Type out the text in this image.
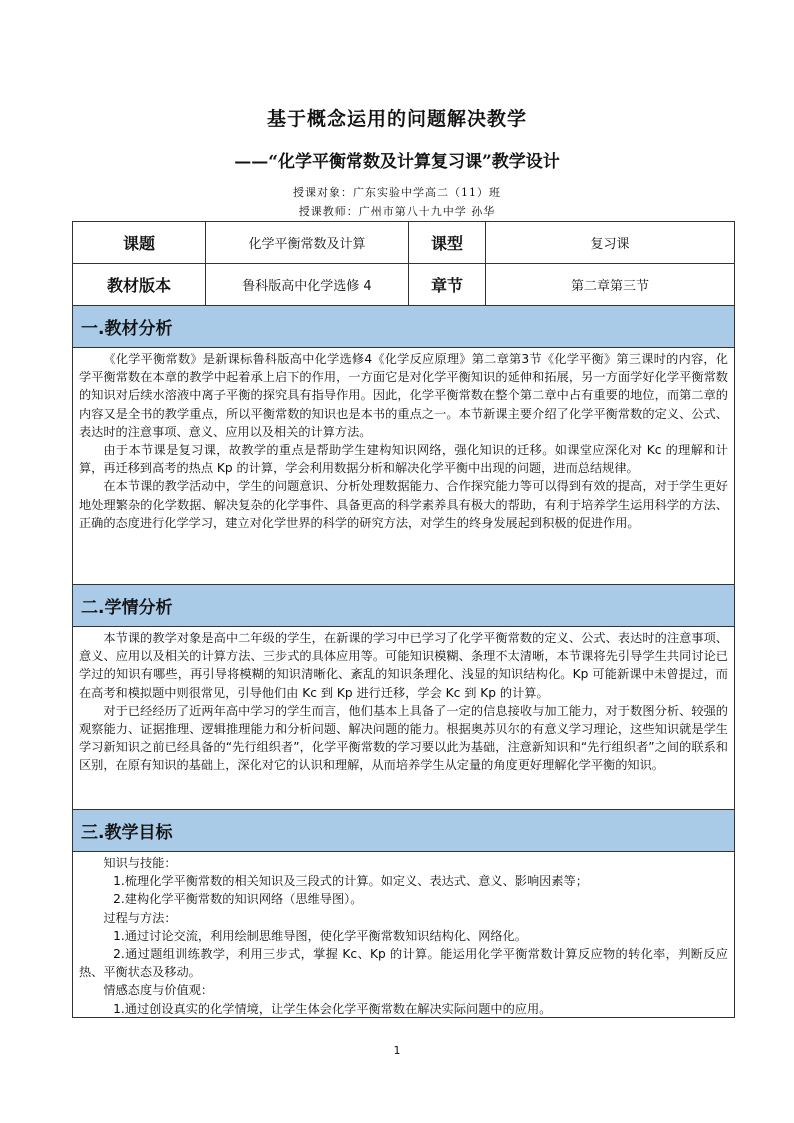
基于概念运用的问题解决教学
——“化学平衡常数及计算复习课”教学设计
授课对象：广东实验中学高二（11）班
授课教师：广州市第八十九中学 孙华
课题	化学平衡常数及计算	课型	复习课
教材版本	鲁科版高中化学选修 4	章节	第二章第三节
一.教材分析

《化学平衡常数》是新课标鲁科版高中化学选修4《化学反应原理》第二章第3节《化学平衡》第三课时的内容，化学平衡常数在本章的教学中起着承上启下的作用，一方面它是对化学平衡知识的延伸和拓展，另一方面学好化学平衡常数的知识对后续水溶液中离子平衡的探究具有指导作用。因此，化学平衡常数在整个第二章中占有重要的地位，而第二章的内容又是全书的教学重点，所以平衡常数的知识也是本书的重点之一。本节新课主要介绍了化学平衡常数的定义、公式、表达时的注意事项、意义、应用以及相关的计算方法。

由于本节课是复习课，故教学的重点是帮助学生建构知识网络，强化知识的迁移。如课堂应深化对 Kc 的理解和计算，再迁移到高考的热点 Kp 的计算，学会利用数据分析和解决化学平衡中出现的问题，进而总结规律。

在本节课的教学活动中，学生的问题意识、分析处理数据能力、合作探究能力等可以得到有效的提高，对于学生更好地处理繁杂的化学数据、解决复杂的化学事件、具备更高的科学素养具有极大的帮助，有利于培养学生运用科学的方法、正确的态度进行化学学习，建立对化学世界的科学的研究方法，对学生的终身发展起到积极的促进作用。

二.学情分析

本节课的教学对象是高中二年级的学生，在新课的学习中已学习了化学平衡常数的定义、公式、表达时的注意事项、意义、应用以及相关的计算方法、三步式的具体应用等。可能知识模糊、条理不太清晰，本节课将先引导学生共同讨论已学过的知识有哪些，再引导将模糊的知识清晰化、紊乱的知识条理化、浅显的知识结构化。Kp 可能新课中未曾提过，而在高考和模拟题中则很常见，引导他们由 Kc 到 Kp 进行迁移，学会 Kc 到 Kp 的计算。

对于已经经历了近两年高中学习的学生而言，他们基本上具备了一定的信息接收与加工能力，对于数图分析、较强的观察能力、证据推理、逻辑推理能力和分析问题、解决问题的能力。根据奥苏贝尔的有意义学习理论，这些知识就是学生学习新知识之前已经具备的“先行组织者”，化学平衡常数的学习要以此为基础，注意新知识和“先行组织者”之间的联系和区别，在原有知识的基础上，深化对它的认识和理解，从而培养学生从定量的角度更好理解化学平衡的知识。

三.教学目标

知识与技能：

1.梳理化学平衡常数的相关知识及三段式的计算。如定义、表达式、意义、影响因素等；

2.建构化学平衡常数的知识网络（思维导图）。

过程与方法：

1.通过讨论交流，利用绘制思维导图，使化学平衡常数知识结构化、网络化。

2.通过题组训练教学，利用三步式，掌握 Kc、Kp 的计算。能运用化学平衡常数计算反应物的转化率，判断反应热、平衡状态及移动。

情感态度与价值观：

1.通过创设真实的化学情境，让学生体会化学平衡常数在解决实际问题中的应用。

1
